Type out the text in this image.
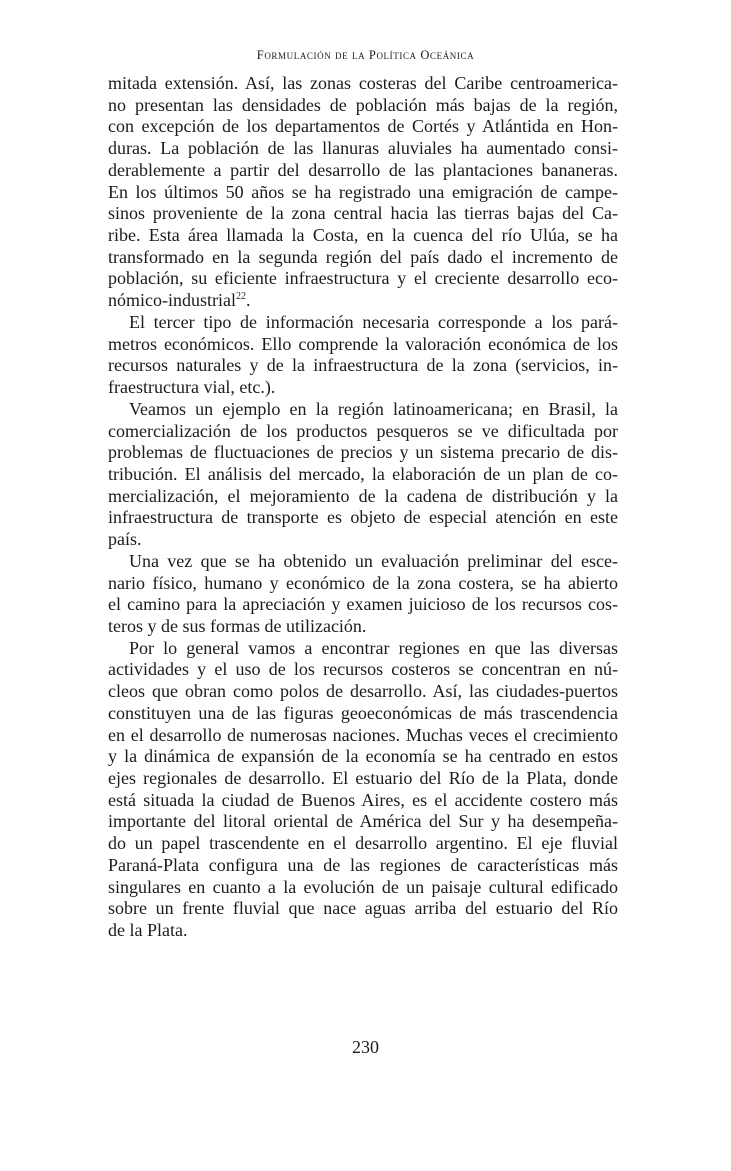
Formulación de la Política Oceánica
mitada extensión. Así, las zonas costeras del Caribe centroamerica-
no presentan las densidades de población más bajas de la región,
con excepción de los departamentos de Cortés y Atlántida en Hon-
duras. La población de las llanuras aluviales ha aumentado consi-
derablemente a partir del desarrollo de las plantaciones bananeras.
En los últimos 50 años se ha registrado una emigración de campe-
sinos proveniente de la zona central hacia las tierras bajas del Ca-
ribe. Esta área llamada la Costa, en la cuenca del río Ulúa, se ha
transformado en la segunda región del país dado el incremento de
población, su eficiente infraestructura y el creciente desarrollo eco-
nómico-industrial$^{22}$.
El tercer tipo de información necesaria corresponde a los pará-
metros económicos. Ello comprende la valoración económica de los
recursos naturales y de la infraestructura de la zona (servicios, in-
fraestructura vial, etc.).
Veamos un ejemplo en la región latinoamericana; en Brasil, la
comercialización de los productos pesqueros se ve dificultada por
problemas de fluctuaciones de precios y un sistema precario de dis-
tribución. El análisis del mercado, la elaboración de un plan de co-
mercialización, el mejoramiento de la cadena de distribución y la
infraestructura de transporte es objeto de especial atención en este
país.
Una vez que se ha obtenido un evaluación preliminar del esce-
nario físico, humano y económico de la zona costera, se ha abierto
el camino para la apreciación y examen juicioso de los recursos cos-
teros y de sus formas de utilización.
Por lo general vamos a encontrar regiones en que las diversas
actividades y el uso de los recursos costeros se concentran en nú-
cleos que obran como polos de desarrollo. Así, las ciudades-puertos
constituyen una de las figuras geoeconómicas de más trascendencia
en el desarrollo de numerosas naciones. Muchas veces el crecimiento
y la dinámica de expansión de la economía se ha centrado en estos
ejes regionales de desarrollo. El estuario del Río de la Plata, donde
está situada la ciudad de Buenos Aires, es el accidente costero más
importante del litoral oriental de América del Sur y ha desempeña-
do un papel trascendente en el desarrollo argentino. El eje fluvial
Paraná-Plata configura una de las regiones de características más
singulares en cuanto a la evolución de un paisaje cultural edificado
sobre un frente fluvial que nace aguas arriba del estuario del Río
de la Plata.
230
